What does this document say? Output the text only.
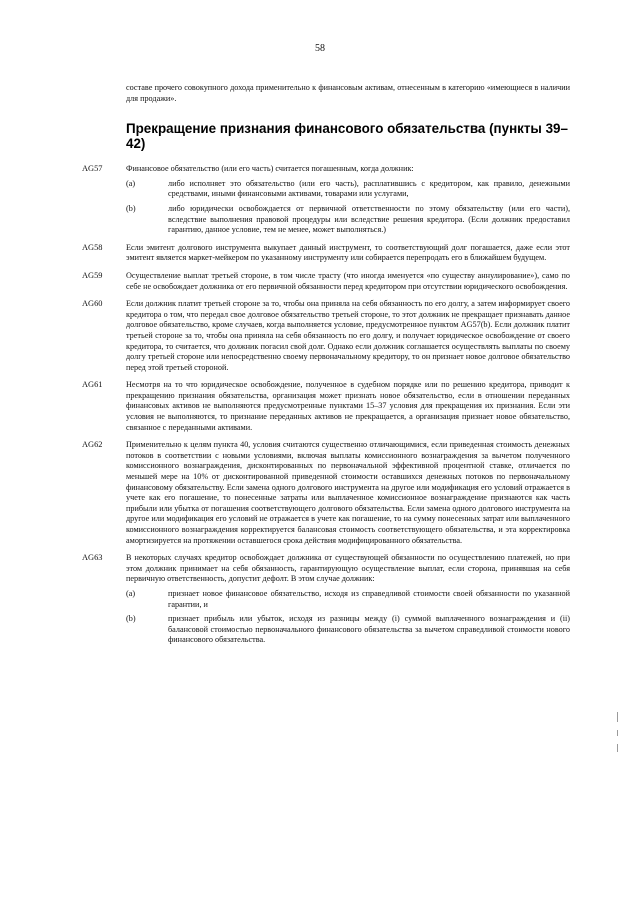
58
составе прочего совокупного дохода применительно к финансовым активам, отнесенным в категорию «имеющиеся в наличии для продажи».
Прекращение признания финансового обязательства (пункты 39–42)
AG57	Финансовое обязательство (или его часть) считается погашенным, когда должник:
(a)	либо исполняет это обязательство (или его часть), расплатившись с кредитором, как правило, денежными средствами, иными финансовыми активами, товарами или услугами,
(b)	либо юридически освобождается от первичной ответственности по этому обязательству (или его части), вследствие выполнения правовой процедуры или вследствие решения кредитора. (Если должник предоставил гарантию, данное условие, тем не менее, может выполняться.)
AG58	Если эмитент долгового инструмента выкупает данный инструмент, то соответствующий долг погашается, даже если этот эмитент является маркет-мейкером по указанному инструменту или собирается перепродать его в ближайшем будущем.
AG59	Осуществление выплат третьей стороне, в том числе трасту (что иногда именуется «по существу аннулирование»), само по себе не освобождает должника от его первичной обязанности перед кредитором при отсутствии юридического освобождения.
AG60	Если должник платит третьей стороне за то, чтобы она приняла на себя обязанность по его долгу, а затем информирует своего кредитора о том, что передал свое долговое обязательство третьей стороне, то этот должник не прекращает признавать данное долговое обязательство, кроме случаев, когда выполняется условие, предусмотренное пунктом AG57(b). Если должник платит третьей стороне за то, чтобы она приняла на себя обязанность по его долгу, и получает юридическое освобождение от своего кредитора, то считается, что должник погасил свой долг. Однако если должник соглашается осуществлять выплаты по своему долгу третьей стороне или непосредственно своему первоначальному кредитору, то он признает новое долговое обязательство перед этой третьей стороной.
AG61	Несмотря на то что юридическое освобождение, полученное в судебном порядке или по решению кредитора, приводит к прекращению признания обязательства, организация может признать новое обязательство, если в отношении переданных финансовых активов не выполняются предусмотренные пунктами 15–37 условия для прекращения их признания. Если эти условия не выполняются, то признание переданных активов не прекращается, а организация признает новое обязательство, связанное с переданными активами.
AG62	Применительно к целям пункта 40, условия считаются существенно отличающимися, если приведенная стоимость денежных потоков в соответствии с новыми условиями, включая выплаты комиссионного вознаграждения за вычетом полученного комиссионного вознаграждения, дисконтированных по первоначальной эффективной процентной ставке, отличается по меньшей мере на 10% от дисконтированной приведенной стоимости оставшихся денежных потоков по первоначальному финансовому обязательству. Если замена одного долгового инструмента на другое или модификация его условий отражается в учете как его погашение, то понесенные затраты или выплаченное комиссионное вознаграждение признаются как часть прибыли или убытка от погашения соответствующего долгового обязательства. Если замена одного долгового инструмента на другое или модификация его условий не отражается в учете как погашение, то на сумму понесенных затрат или выплаченного комиссионного вознаграждения корректируется балансовая стоимость соответствующего обязательства, и эта корректировка амортизируется на протяжении оставшегося срока действия модифицированного обязательства.
AG63	В некоторых случаях кредитор освобождает должника от существующей обязанности по осуществлению платежей, но при этом должник принимает на себя обязанность, гарантирующую осуществление выплат, если сторона, принявшая на себя первичную ответственность, допустит дефолт. В этом случае должник:
(a)	признает новое финансовое обязательство, исходя из справедливой стоимости своей обязанности по указанной гарантии, и
(b)	признает прибыль или убыток, исходя из разницы между (i) суммой выплаченного вознаграждения и (ii) балансовой стоимостью первоначального финансового обязательства за вычетом справедливой стоимости нового финансового обязательства.
